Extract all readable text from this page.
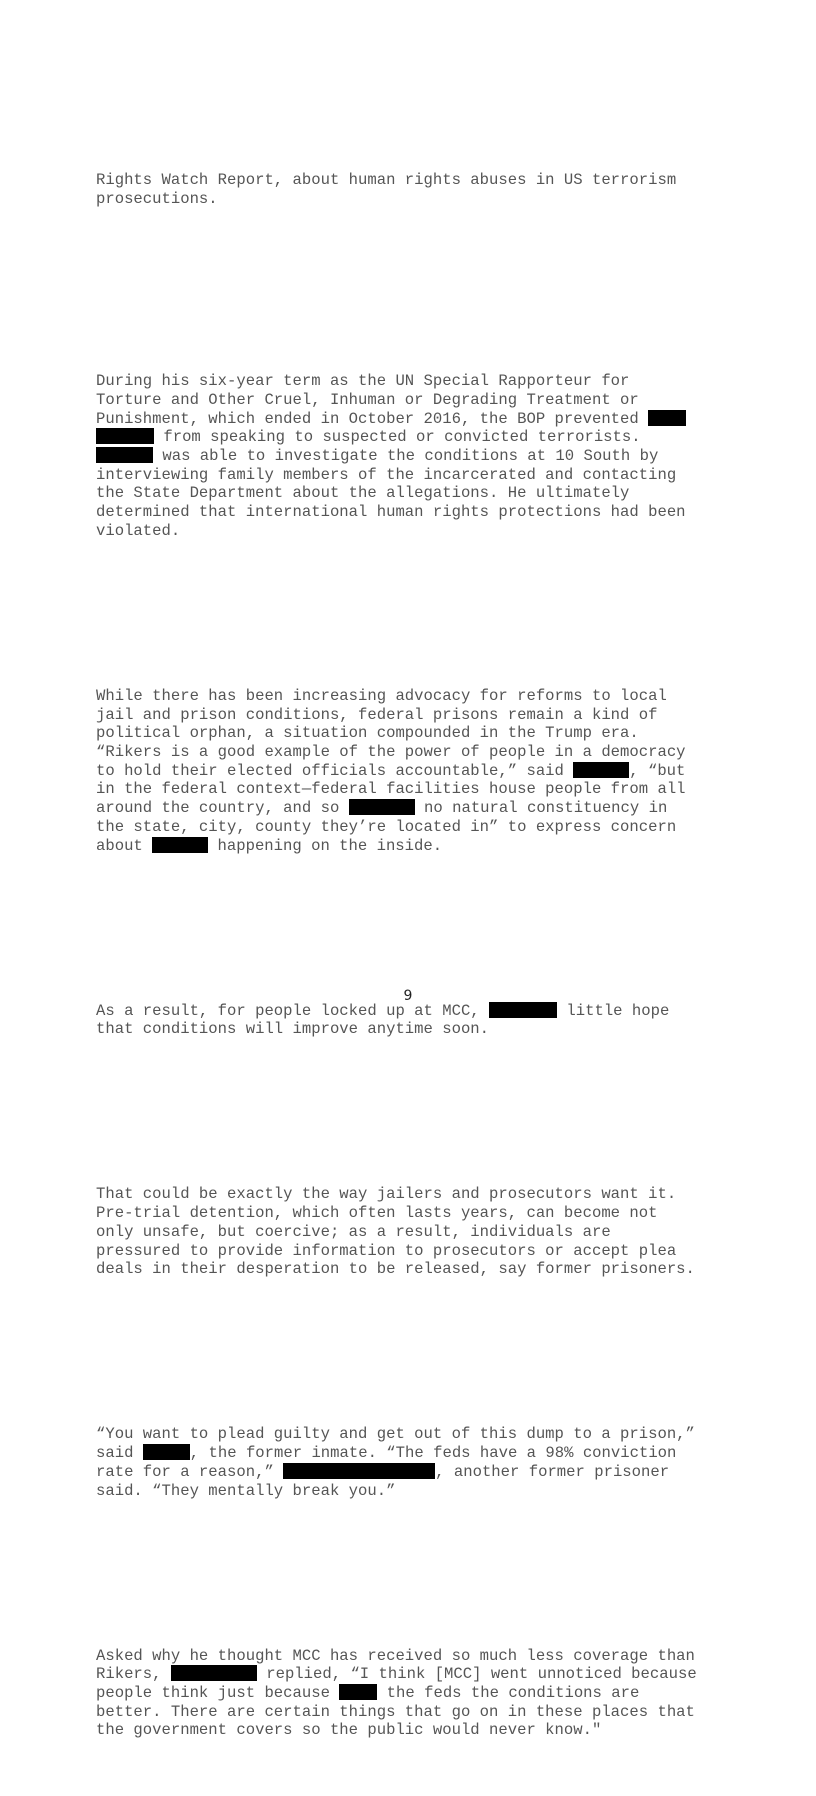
Rights Watch Report, about human rights abuses in US terrorism
prosecutions.

During his six-year term as the UN Special Rapporteur for
Torture and Other Cruel, Inhuman or Degrading Treatment or
Punishment, which ended in October 2016, the BOP prevented
from speaking to suspected or convicted terrorists.
was able to investigate the conditions at 10 South by
interviewing family members of the incarcerated and contacting
the State Department about the allegations. He ultimately
determined that international human rights protections had been
violated.

While there has been increasing advocacy for reforms to local
jail and prison conditions, federal prisons remain a kind of
political orphan, a situation compounded in the Trump era.
“Rikers is a good example of the power of people in a democracy
to hold their elected officials accountable,” said	, “but
in the federal context—federal facilities house people from all
around the country, and so	no natural constituency in
the state, city, county they’re located in” to express concern
about	happening on the inside.

As a result, for people locked up at MCC,	little hope
that conditions will improve anytime soon.

That could be exactly the way jailers and prosecutors want it.
Pre-trial detention, which often lasts years, can become not
only unsafe, but coercive; as a result, individuals are
pressured to provide information to prosecutors or accept plea
deals in their desperation to be released, say former prisoners.

“You want to plead guilty and get out of this dump to a prison,”
said	, the former inmate. “The feds have a 98% conviction
rate for a reason,”	, another former prisoner
said. “They mentally break you.”

Asked why he thought MCC has received so much less coverage than
Rikers,	replied, “I think [MCC] went unnoticed because
people think just because  the feds the conditions are
better. There are certain things that go on in these places that
the government covers so the public would never know."

9
